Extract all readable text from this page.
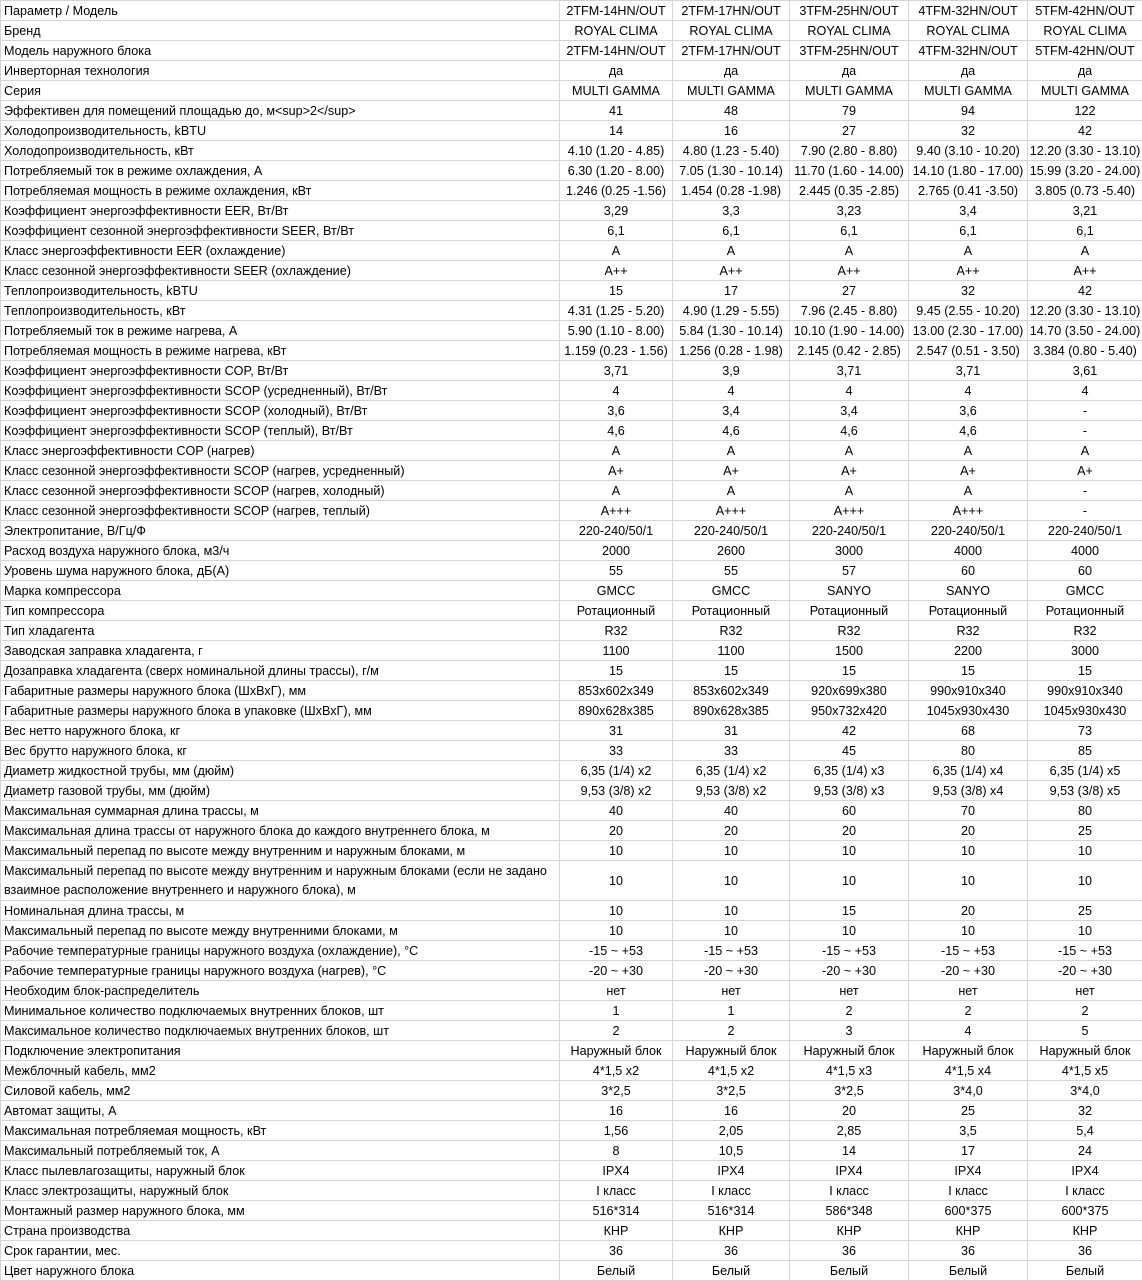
Параметр / Модель	2TFM-14HN/OUT	2TFM-17HN/OUT	3TFM-25HN/OUT	4TFM-32HN/OUT	5TFM-42HN/OUT
Бренд	ROYAL CLIMA	ROYAL CLIMA	ROYAL CLIMA	ROYAL CLIMA	ROYAL CLIMA
Модель наружного блока	2TFM-14HN/OUT	2TFM-17HN/OUT	3TFM-25HN/OUT	4TFM-32HN/OUT	5TFM-42HN/OUT
Инверторная технология	да	да	да	да	да
Серия	MULTI GAMMA	MULTI GAMMA	MULTI GAMMA	MULTI GAMMA	MULTI GAMMA
Эффективен для помещений площадью до, м<sup>2</sup>	41	48	79	94	122
Холодопроизводительность, kBTU	14	16	27	32	42
Холодопроизводительность, кВт	4.10 (1.20 - 4.85)	4.80 (1.23 - 5.40)	7.90 (2.80 - 8.80)	9.40 (3.10 - 10.20)	12.20 (3.30 - 13.10)
Потребляемый ток в режиме охлаждения, А	6.30 (1.20 - 8.00)	7.05 (1.30 - 10.14)	11.70 (1.60 - 14.00)	14.10 (1.80 - 17.00)	15.99 (3.20 - 24.00)
Потребляемая мощность в режиме охлаждения, кВт	1.246 (0.25 -1.56)	1.454 (0.28 -1.98)	2.445 (0.35 -2.85)	2.765 (0.41 -3.50)	3.805 (0.73 -5.40)
Коэффициент энергоэффективности EER, Вт/Вт	3,29	3,3	3,23	3,4	3,21
Коэффициент сезонной энергоэффективности SEER, Вт/Вт	6,1	6,1	6,1	6,1	6,1
Класс энергоэффективности EER (охлаждение)	A	A	A	A	A
Класс сезонной энергоэффективности SEER (охлаждение)	A++	A++	A++	A++	A++
Теплопроизводительность, kBTU	15	17	27	32	42
Теплопроизводительность, кВт	4.31 (1.25 - 5.20)	4.90 (1.29 - 5.55)	7.96 (2.45 - 8.80)	9.45 (2.55 - 10.20)	12.20 (3.30 - 13.10)
Потребляемый ток в режиме нагрева, А	5.90 (1.10 - 8.00)	5.84 (1.30 - 10.14)	10.10 (1.90 - 14.00)	13.00 (2.30 - 17.00)	14.70 (3.50 - 24.00)
Потребляемая мощность в режиме нагрева, кВт	1.159 (0.23 - 1.56)	1.256 (0.28 - 1.98)	2.145 (0.42 - 2.85)	2.547 (0.51 - 3.50)	3.384 (0.80 - 5.40)
Коэффициент энергоэффективности COP, Вт/Вт	3,71	3,9	3,71	3,71	3,61
Коэффициент энергоэффективности SCOP (усредненный), Вт/Вт	4	4	4	4	4
Коэффициент энергоэффективности SCOP (холодный), Вт/Вт	3,6	3,4	3,4	3,6	-
Коэффициент энергоэффективности SCOP (теплый), Вт/Вт	4,6	4,6	4,6	4,6	-
Класс энергоэффективности COP (нагрев)	A	A	A	A	A
Класс сезонной энергоэффективности SCOP (нагрев, усредненный)	A+	A+	A+	A+	A+
Класс сезонной энергоэффективности SCOP (нагрев, холодный)	A	A	A	A	-
Класс сезонной энергоэффективности SCOP (нагрев, теплый)	A+++	A+++	A+++	A+++	-
Электропитание, В/Гц/Ф	220-240/50/1	220-240/50/1	220-240/50/1	220-240/50/1	220-240/50/1
Расход воздуха наружного блока, м3/ч	2000	2600	3000	4000	4000
Уровень шума наружного блока, дБ(А)	55	55	57	60	60
Марка компрессора	GMCC	GMCC	SANYO	SANYO	GMCC
Тип компрессора	Ротационный	Ротационный	Ротационный	Ротационный	Ротационный
Тип хладагента	R32	R32	R32	R32	R32
Заводская заправка хладагента, г	1100	1100	1500	2200	3000
Дозаправка хладагента (сверх номинальной длины трассы), г/м	15	15	15	15	15
Габаритные размеры наружного блока (ШхВхГ), мм	853x602x349	853x602x349	920x699x380	990x910x340	990x910x340
Габаритные размеры наружного блока в упаковке (ШхВхГ), мм	890x628x385	890x628x385	950x732x420	1045x930x430	1045x930x430
Вес нетто наружного блока, кг	31	31	42	68	73
Вес брутто наружного блока, кг	33	33	45	80	85
Диаметр жидкостной трубы, мм (дюйм)	6,35 (1/4) x2	6,35 (1/4) x2	6,35 (1/4) x3	6,35 (1/4) x4	6,35 (1/4) x5
Диаметр газовой трубы, мм (дюйм)	9,53 (3/8) x2	9,53 (3/8) x2	9,53 (3/8) x3	9,53 (3/8) x4	9,53 (3/8) x5
Максимальная суммарная длина трассы, м	40	40	60	70	80
Максимальная длина трассы от наружного блока до каждого внутреннего блока, м	20	20	20	20	25
Максимальный перепад по высоте между внутренним и наружным блоками, м	10	10	10	10	10
Максимальный перепад по высоте между внутренним и наружным блоками (если не задано взаимное расположение внутреннего и наружного блока), м	10	10	10	10	10
Номинальная длина трассы, м	10	10	15	20	25
Максимальный перепад по высоте между внутренними блоками, м	10	10	10	10	10
Рабочие температурные границы наружного воздуха (охлаждение), °С	-15 ~ +53	-15 ~ +53	-15 ~ +53	-15 ~ +53	-15 ~ +53
Рабочие температурные границы наружного воздуха (нагрев), °С	-20 ~ +30	-20 ~ +30	-20 ~ +30	-20 ~ +30	-20 ~ +30
Необходим блок-распределитель	нет	нет	нет	нет	нет
Минимальное количество подключаемых внутренних блоков, шт	1	1	2	2	2
Максимальное количество подключаемых внутренних блоков, шт	2	2	3	4	5
Подключение электропитания	Наружный блок	Наружный блок	Наружный блок	Наружный блок	Наружный блок
Межблочный кабель, мм2	4*1,5 x2	4*1,5 x2	4*1,5 x3	4*1,5 x4	4*1,5 x5
Силовой кабель, мм2	3*2,5	3*2,5	3*2,5	3*4,0	3*4,0
Автомат защиты, А	16	16	20	25	32
Максимальная потребляемая мощность, кВт	1,56	2,05	2,85	3,5	5,4
Максимальный потребляемый ток, А	8	10,5	14	17	24
Класс пылевлагозащиты, наружный блок	IPX4	IPX4	IPX4	IPX4	IPX4
Класс электрозащиты, наружный блок	I класс	I класс	I класс	I класс	I класс
Монтажный размер наружного блока, мм	516*314	516*314	586*348	600*375	600*375
Страна производства	КНР	КНР	КНР	КНР	КНР
Срок гарантии, мес.	36	36	36	36	36
Цвет наружного блока	Белый	Белый	Белый	Белый	Белый
